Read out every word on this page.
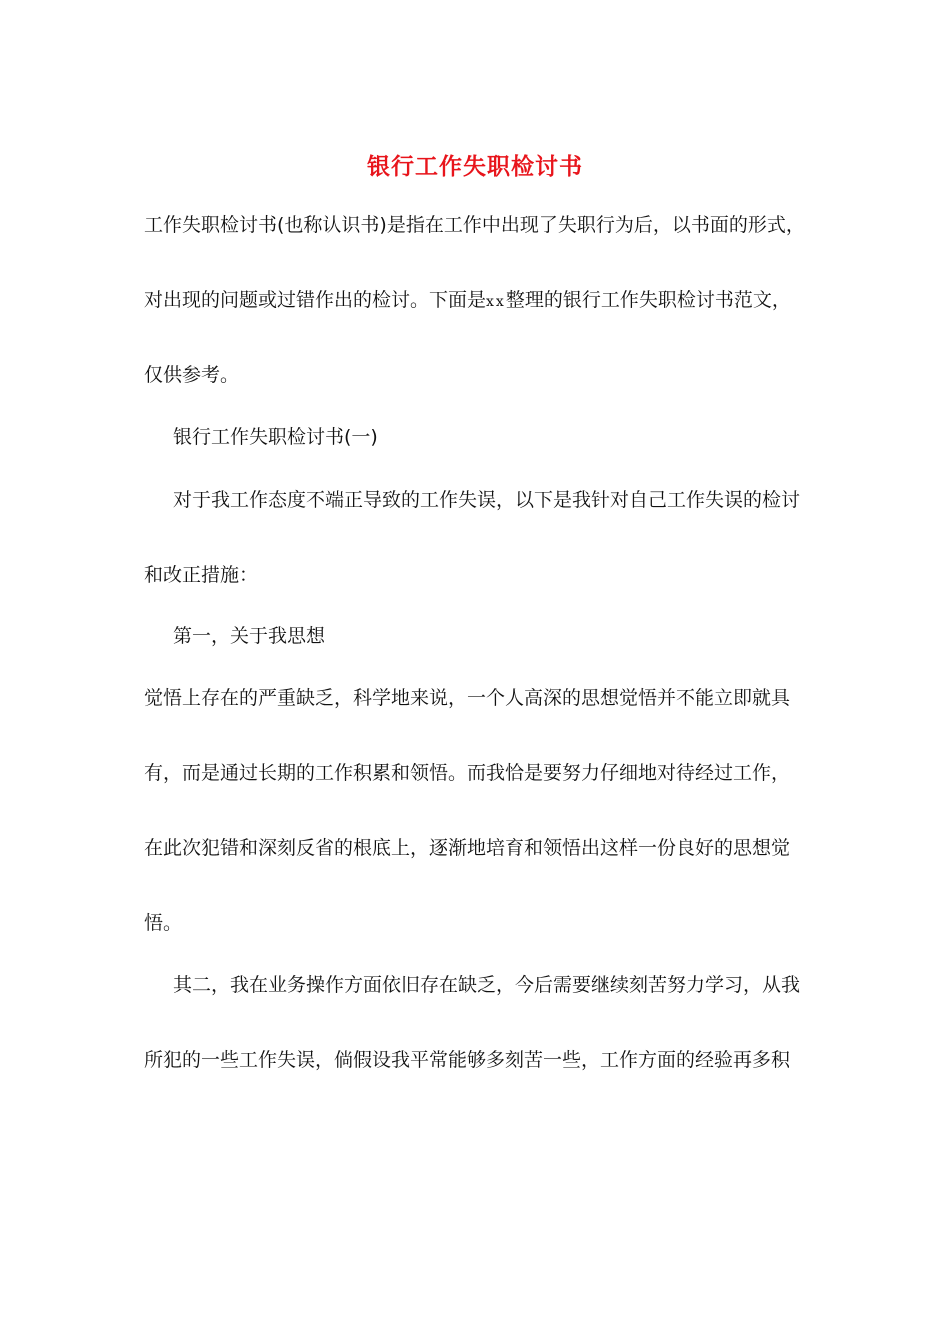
银行工作失职检讨书
工作失职检讨书(也称认识书)是指在工作中出现了失职行为后，以书面的形式，
对出现的问题或过错作出的检讨。下面是xx整理的银行工作失职检讨书范文，
仅供参考。
银行工作失职检讨书(一)
对于我工作态度不端正导致的工作失误，以下是我针对自己工作失误的检讨
和改正措施：
第一，关于我思想
觉悟上存在的严重缺乏，科学地来说，一个人高深的思想觉悟并不能立即就具
有，而是通过长期的工作积累和领悟。而我恰是要努力仔细地对待经过工作，
在此次犯错和深刻反省的根底上，逐渐地培育和领悟出这样一份良好的思想觉
悟。
其二，我在业务操作方面依旧存在缺乏，今后需要继续刻苦努力学习，从我
所犯的一些工作失误，倘假设我平常能够多刻苦一些，工作方面的经验再多积
